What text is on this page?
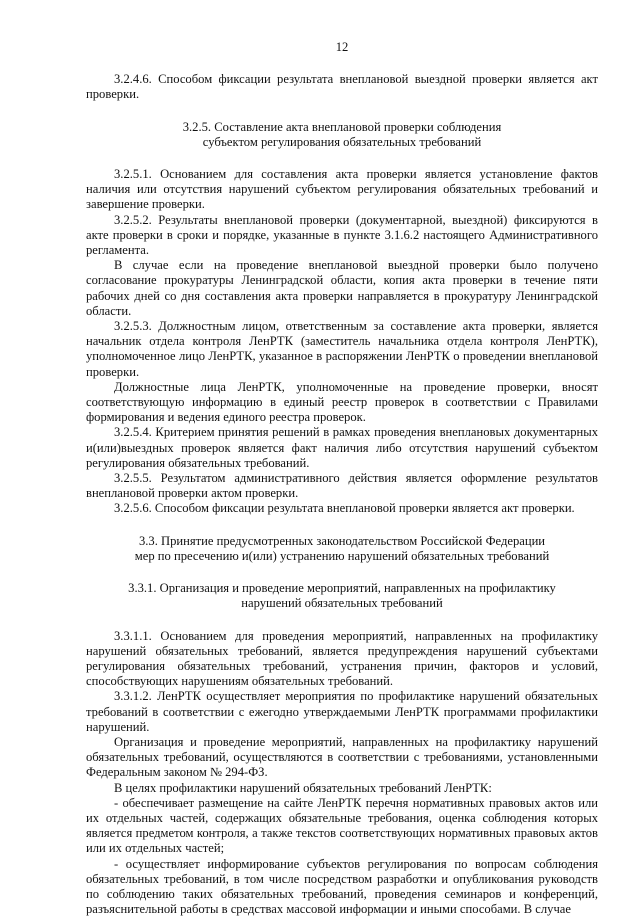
12

3.2.4.6. Способом фиксации результата внеплановой выездной проверки является акт проверки.

3.2.5. Составление акта внеплановой проверки соблюдения
субъектом регулирования обязательных требований

3.2.5.1. Основанием для составления акта проверки является установление фактов наличия или отсутствия нарушений субъектом регулирования обязательных требований и завершение проверки.

3.2.5.2. Результаты внеплановой проверки (документарной, выездной) фиксируются в акте проверки в сроки и порядке, указанные в пункте 3.1.6.2 настоящего Административного регламента.

В случае если на проведение внеплановой выездной проверки было получено согласование прокуратуры Ленинградской области, копия акта проверки в течение пяти рабочих дней со дня составления акта проверки направляется в прокуратуру Ленинградской области.

3.2.5.3. Должностным лицом, ответственным за составление акта проверки, является начальник отдела контроля ЛенРТК (заместитель начальника отдела контроля ЛенРТК), уполномоченное лицо ЛенРТК, указанное в распоряжении ЛенРТК о проведении внеплановой проверки.

Должностные лица ЛенРТК, уполномоченные на проведение проверки, вносят соответствующую информацию в единый реестр проверок в соответствии с Правилами формирования и ведения единого реестра проверок.

3.2.5.4. Критерием принятия решений в рамках проведения внеплановых документарных и(или)выездных проверок является факт наличия либо отсутствия нарушений субъектом регулирования обязательных требований.

3.2.5.5. Результатом административного действия является оформление результатов внеплановой проверки актом проверки.

3.2.5.6. Способом фиксации результата внеплановой проверки является акт проверки.

3.3. Принятие предусмотренных законодательством Российской Федерации
мер по пресечению и(или) устранению нарушений обязательных требований
3.3.1. Организация и проведение мероприятий, направленных на профилактику
нарушений обязательных требований

3.3.1.1. Основанием для проведения мероприятий, направленных на профилактику нарушений обязательных требований, является предупреждения нарушений субъектами регулирования обязательных требований, устранения причин, факторов и условий, способствующих нарушениям обязательных требований.

3.3.1.2. ЛенРТК осуществляет мероприятия по профилактике нарушений обязательных требований в соответствии с ежегодно утверждаемыми ЛенРТК программами профилактики нарушений.

Организация и проведение мероприятий, направленных на профилактику нарушений обязательных требований, осуществляются в соответствии с требованиями, установленными Федеральным законом № 294-ФЗ.

В целях профилактики нарушений обязательных требований ЛенРТК:

- обеспечивает размещение на сайте ЛенРТК перечня нормативных правовых актов или их отдельных частей, содержащих обязательные требования, оценка соблюдения которых является предметом контроля, а также текстов соответствующих нормативных правовых актов или их отдельных частей;

- осуществляет информирование субъектов регулирования по вопросам соблюдения обязательных требований, в том числе посредством разработки и опубликования руководств по соблюдению таких обязательных требований, проведения семинаров и конференций, разъяснительной работы в средствах массовой информации и иными способами. В случае
